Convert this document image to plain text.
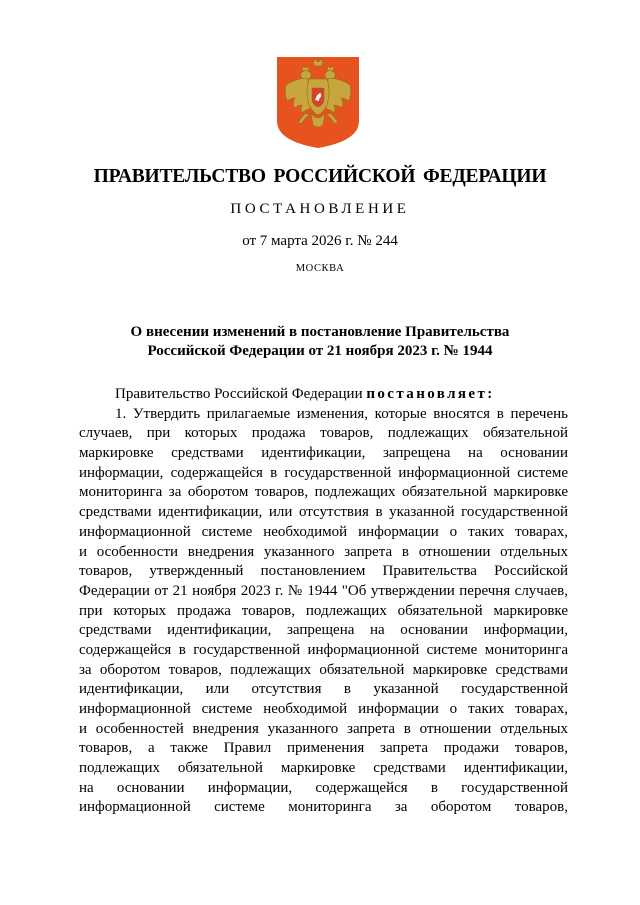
ПРАВИТЕЛЬСТВО РОССИЙСКОЙ ФЕДЕРАЦИИ
ПОСТАНОВЛЕНИЕ
от 7 марта 2026 г. № 244
МОСКВА
О внесении изменений в постановление Правительства
Российской Федерации от 21 ноября 2023 г. № 1944
Правительство Российской Федерации постановляет:
1. Утвердить прилагаемые изменения, которые вносятся в перечень
случаев, при которых продажа товаров, подлежащих обязательной
маркировке средствами идентификации, запрещена на основании
информации, содержащейся в государственной информационной системе
мониторинга за оборотом товаров, подлежащих обязательной маркировке
средствами идентификации, или отсутствия в указанной государственной
информационной системе необходимой информации о таких товарах,
и особенности внедрения указанного запрета в отношении отдельных
товаров, утвержденный постановлением Правительства Российской
Федерации от 21 ноября 2023 г. № 1944 "Об утверждении перечня случаев,
при которых продажа товаров, подлежащих обязательной маркировке
средствами идентификации, запрещена на основании информации,
содержащейся в государственной информационной системе мониторинга
за оборотом товаров, подлежащих обязательной маркировке средствами
идентификации, или отсутствия в указанной государственной
информационной системе необходимой информации о таких товарах,
и особенностей внедрения указанного запрета в отношении отдельных
товаров, а также Правил применения запрета продажи товаров,
подлежащих обязательной маркировке средствами идентификации,
на основании информации, содержащейся в государственной
информационной системе мониторинга за оборотом товаров,
